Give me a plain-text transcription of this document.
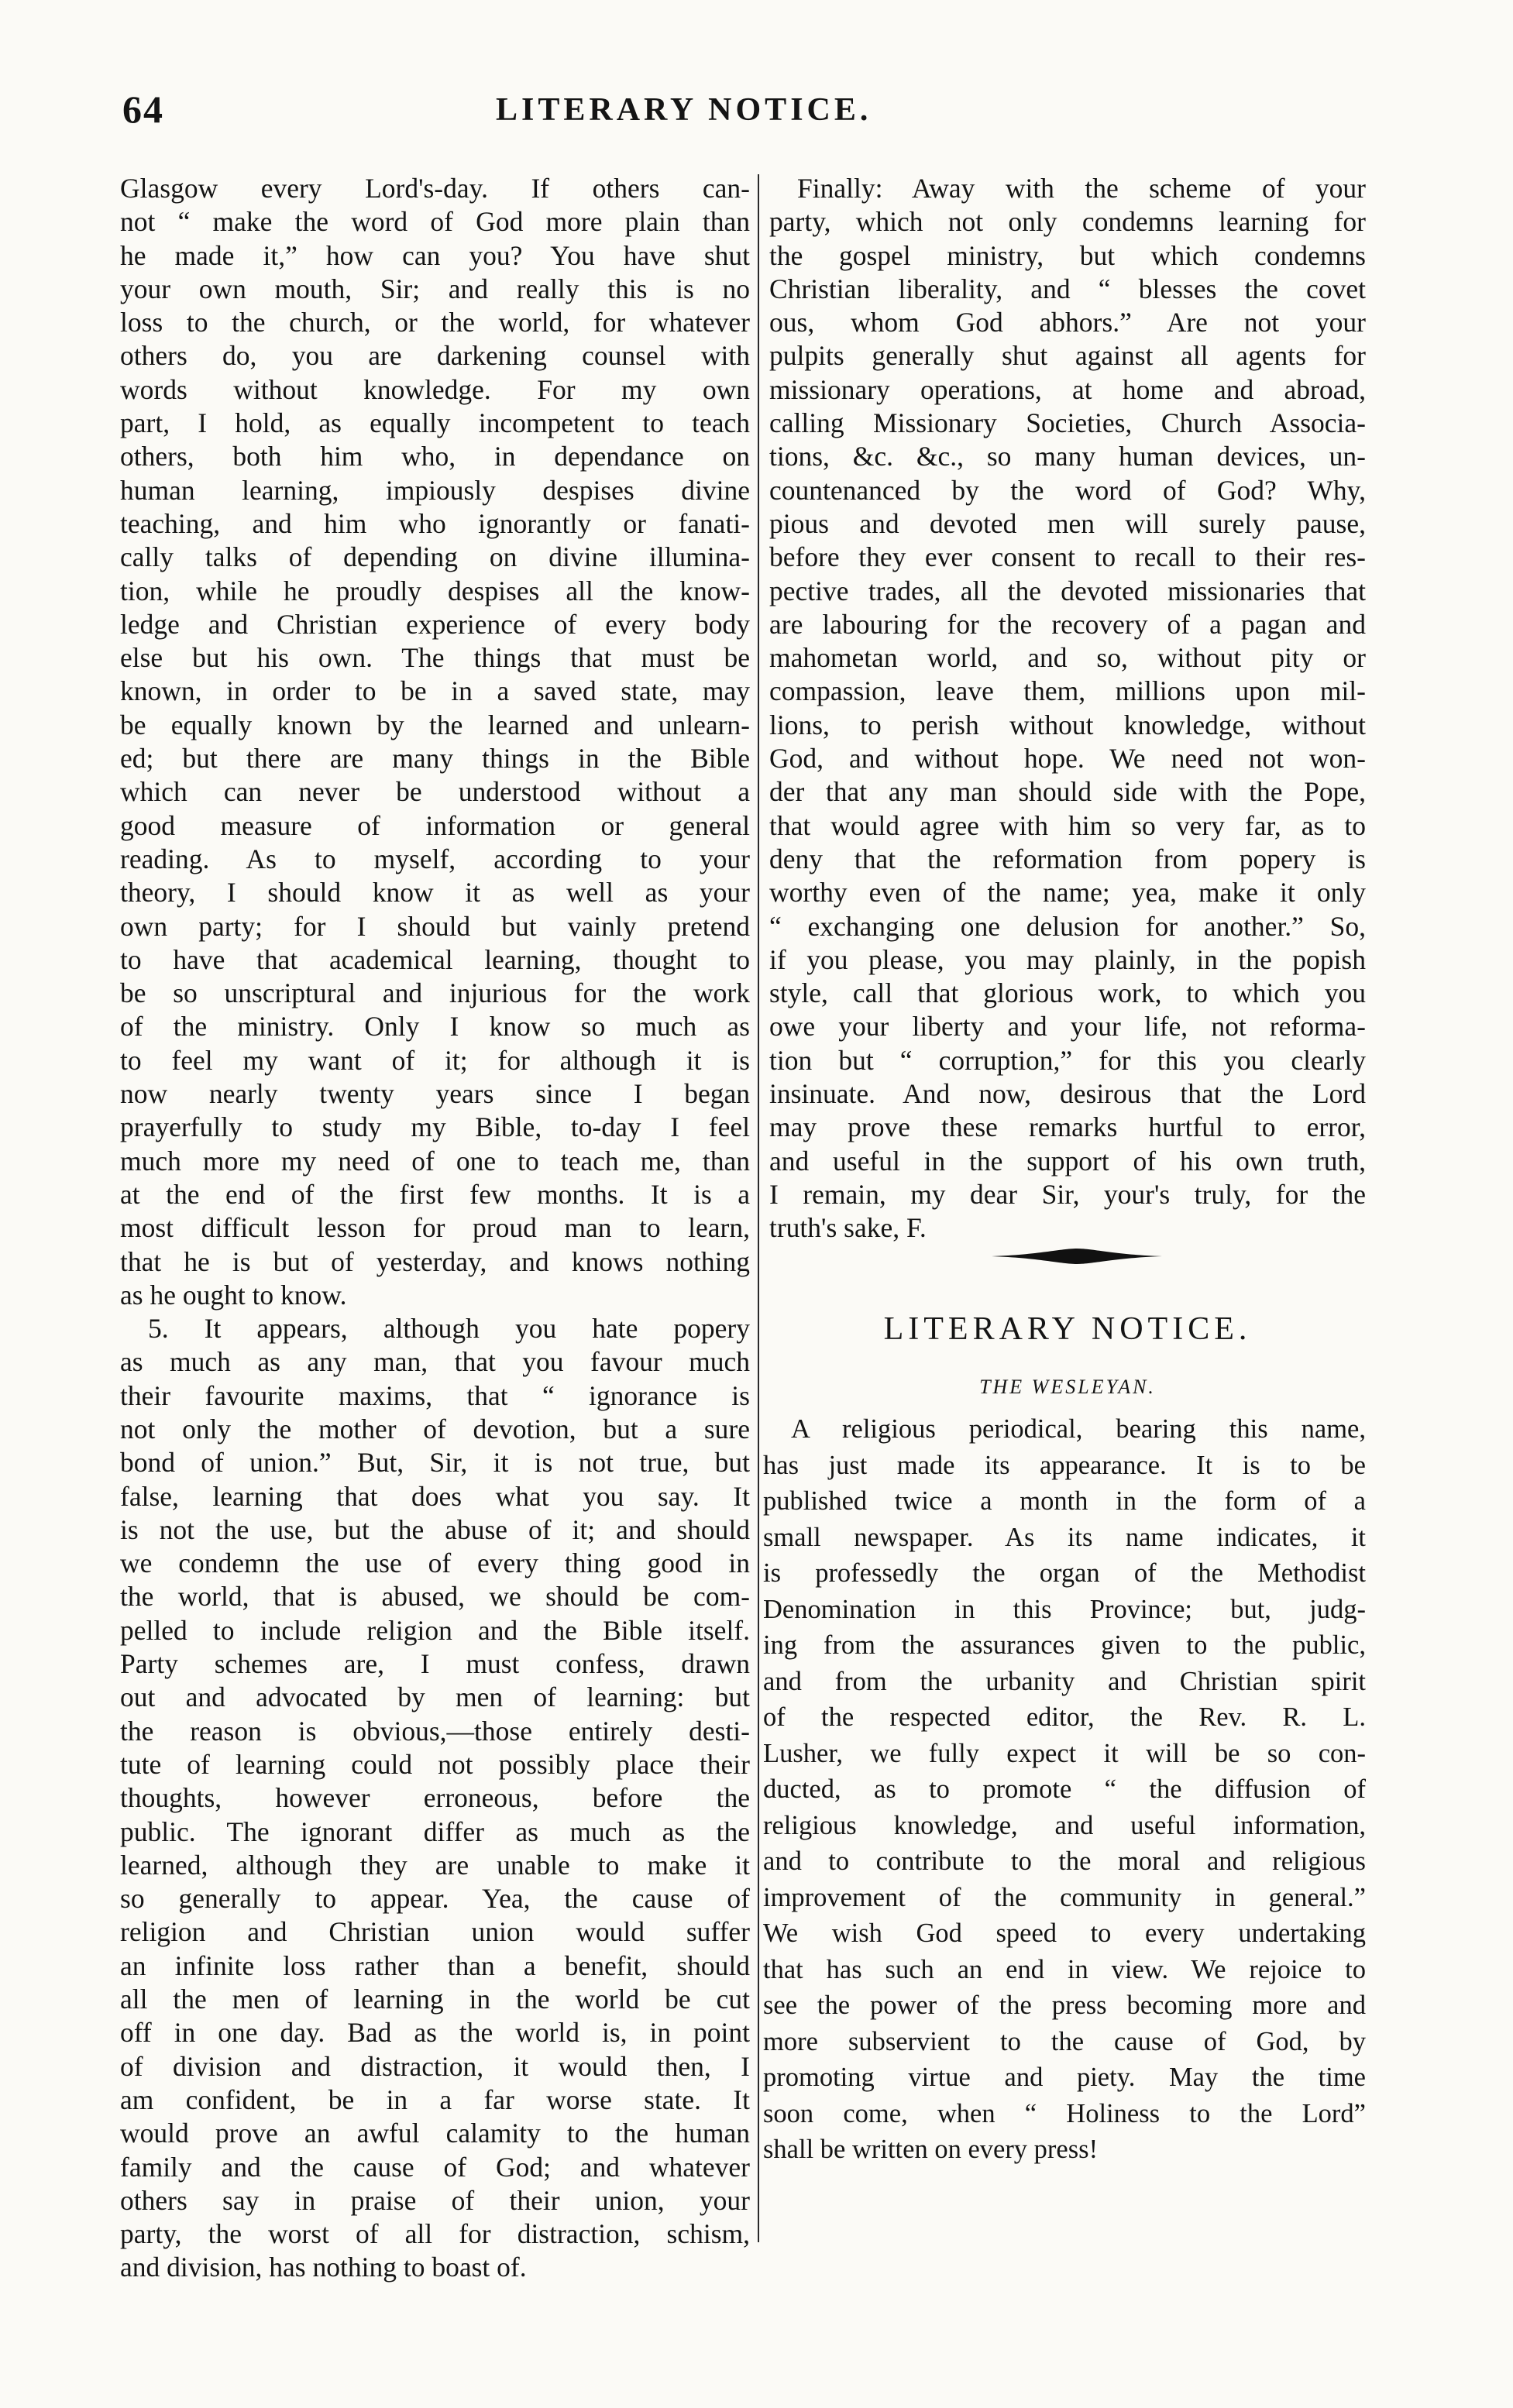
64	LITERARY NOTICE.

Glasgow every Lord's-day. If others can-

not “ make the word of God more plain than

he made it,” how can you? You have shut

your own mouth, Sir; and really this is no

loss to the church, or the world, for whatever

others do, you are darkening counsel with

words without knowledge. For my own

part, I hold, as equally incompetent to teach

others, both him who, in dependance on

human learning, impiously despises divine

teaching, and him who ignorantly or fanati-

cally talks of depending on divine illumina-

tion, while he proudly despises all the know-

ledge and Christian experience of every body

else but his own. The things that must be

known, in order to be in a saved state, may

be equally known by the learned and unlearn-

ed; but there are many things in the Bible

which can never be understood without a

good measure of information or general

reading. As to myself, according to your

theory, I should know it as well as your

own party; for I should but vainly pretend

to have that academical learning, thought to

be so unscriptural and injurious for the work

of the ministry. Only I know so much as

to feel my want of it; for although it is

now nearly twenty years since I began

prayerfully to study my Bible, to-day I feel

much more my need of one to teach me, than

at the end of the first few months. It is a

most difficult lesson for proud man to learn,

that he is but of yesterday, and knows nothing

as he ought to know.

5. It appears, although you hate popery

as much as any man, that you favour much

their favourite maxims, that “ ignorance is

not only the mother of devotion, but a sure

bond of union.” But, Sir, it is not true, but

false, learning that does what you say. It

is not the use, but the abuse of it; and should

we condemn the use of every thing good in

the world, that is abused, we should be com-

pelled to include religion and the Bible itself.

Party schemes are, I must confess, drawn

out and advocated by men of learning: but

the reason is obvious,—those entirely desti-

tute of learning could not possibly place their

thoughts, however erroneous, before the

public. The ignorant differ as much as the

learned, although they are unable to make it

so generally to appear. Yea, the cause of

religion and Christian union would suffer

an infinite loss rather than a benefit, should

all the men of learning in the world be cut

off in one day. Bad as the world is, in point

of division and distraction, it would then, I

am confident, be in a far worse state. It

would prove an awful calamity to the human

family and the cause of God; and whatever

others say in praise of their union, your

party, the worst of all for distraction, schism,

and division, has nothing to boast of.

Finally: Away with the scheme of your

party, which not only condemns learning for

the gospel ministry, but which condemns

Christian liberality, and “ blesses the covet

ous, whom God abhors.” Are not your

pulpits generally shut against all agents for

missionary operations, at home and abroad,

calling Missionary Societies, Church Associa-

tions, &c. &c., so many human devices, un-

countenanced by the word of God? Why,

pious and devoted men will surely pause,

before they ever consent to recall to their res-

pective trades, all the devoted missionaries that

are labouring for the recovery of a pagan and

mahometan world, and so, without pity or

compassion, leave them, millions upon mil-

lions, to perish without knowledge, without

God, and without hope. We need not won-

der that any man should side with the Pope,

that would agree with him so very far, as to

deny that the reformation from popery is

worthy even of the name; yea, make it only

“ exchanging one delusion for another.” So,

if you please, you may plainly, in the popish

style, call that glorious work, to which you

owe your liberty and your life, not reforma-

tion but “ corruption,” for this you clearly

insinuate. And now, desirous that the Lord

may prove these remarks hurtful to error,

and useful in the support of his own truth,

I remain, my dear Sir, your's truly, for the

truth's sake, F.

LITERARY NOTICE.
THE WESLEYAN.

A religious periodical, bearing this name,

has just made its appearance. It is to be

published twice a month in the form of a

small newspaper. As its name indicates, it

is professedly the organ of the Methodist

Denomination in this Province; but, judg-

ing from the assurances given to the public,

and from the urbanity and Christian spirit

of the respected editor, the Rev. R. L.

Lusher, we fully expect it will be so con-

ducted, as to promote “ the diffusion of

religious knowledge, and useful information,

and to contribute to the moral and religious

improvement of the community in general.”

We wish God speed to every undertaking

that has such an end in view. We rejoice to

see the power of the press becoming more and

more subservient to the cause of God, by

promoting virtue and piety. May the time

soon come, when “ Holiness to the Lord”

shall be written on every press!
